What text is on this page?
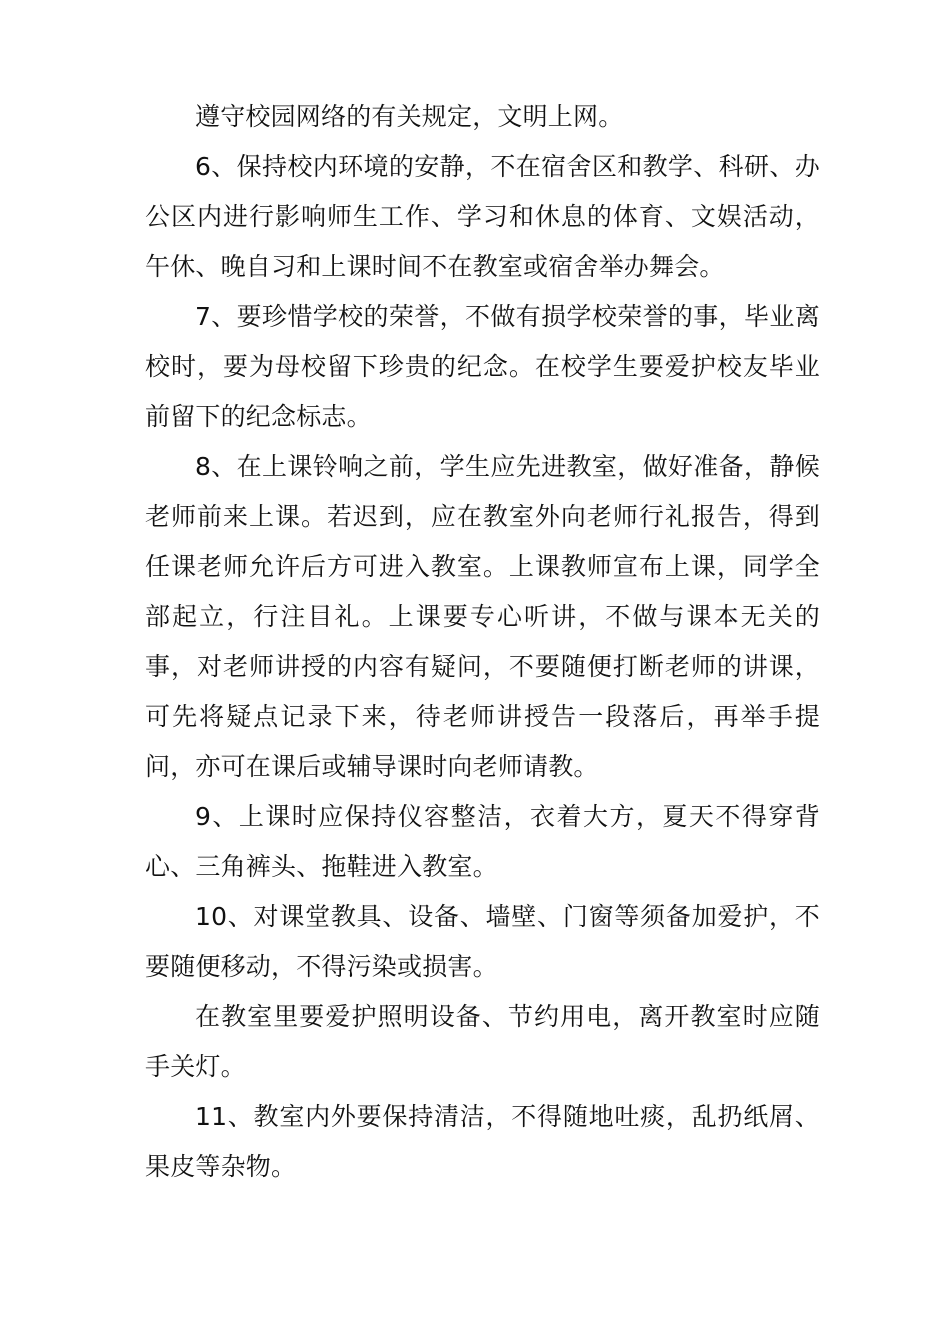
遵守校园网络的有关规定，文明上网。

6、保持校内环境的安静，不在宿舍区和教学、科研、办公区内进行影响师生工作、学习和休息的体育、文娱活动，午休、晚自习和上课时间不在教室或宿舍举办舞会。

7、要珍惜学校的荣誉，不做有损学校荣誉的事，毕业离校时，要为母校留下珍贵的纪念。在校学生要爱护校友毕业前留下的纪念标志。

8、在上课铃响之前，学生应先进教室，做好准备，静候老师前来上课。若迟到，应在教室外向老师行礼报告，得到任课老师允许后方可进入教室。上课教师宣布上课，同学全部起立，行注目礼。上课要专心听讲，不做与课本无关的事，对老师讲授的内容有疑问，不要随便打断老师的讲课，可先将疑点记录下来，待老师讲授告一段落后，再举手提问，亦可在课后或辅导课时向老师请教。

9、上课时应保持仪容整洁，衣着大方，夏天不得穿背心、三角裤头、拖鞋进入教室。

10、对课堂教具、设备、墙壁、门窗等须备加爱护，不要随便移动，不得污染或损害。

在教室里要爱护照明设备、节约用电，离开教室时应随手关灯。

11、教室内外要保持清洁，不得随地吐痰，乱扔纸屑、果皮等杂物。
